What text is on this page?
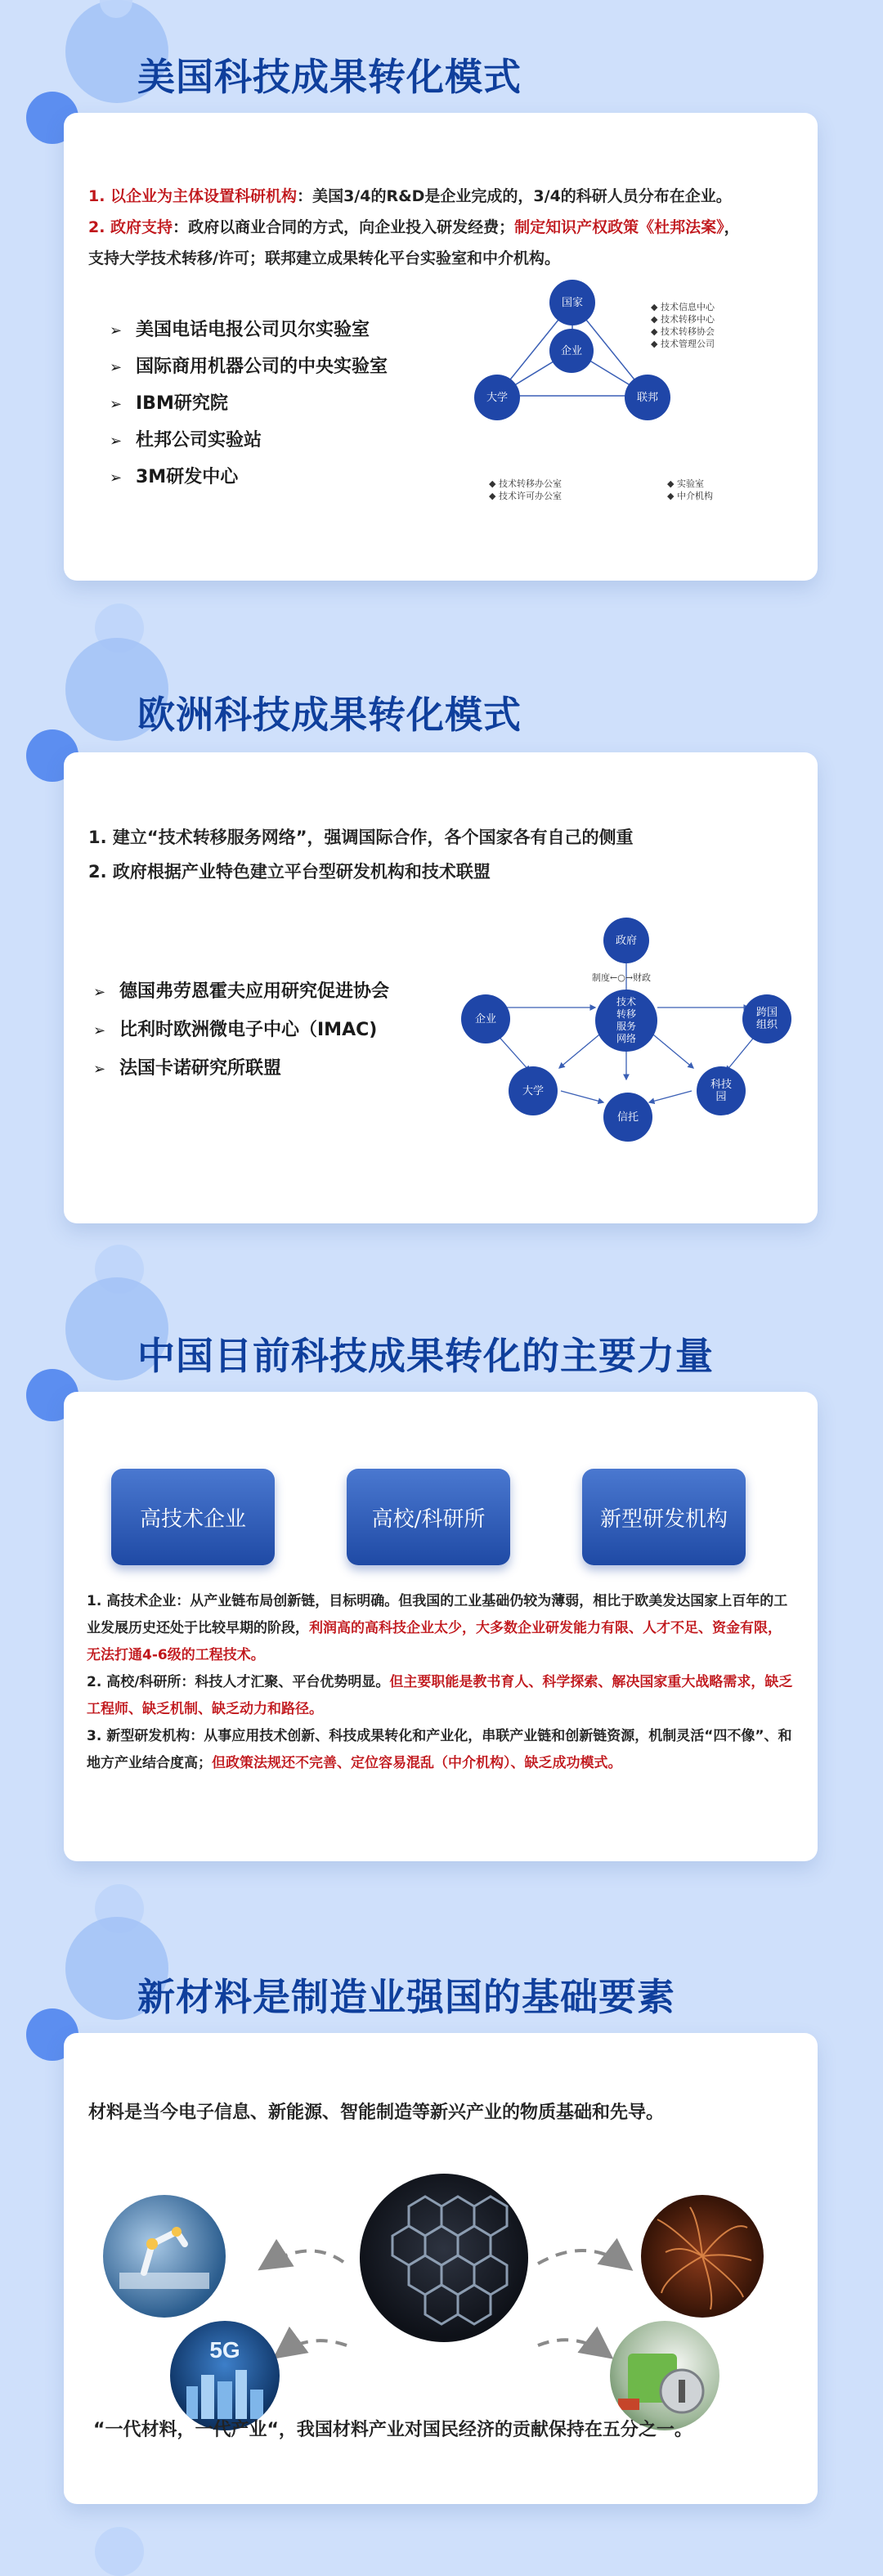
美国科技成果转化模式
1. 以企业为主体设置科研机构：美国3/4的R&D是企业完成的，3/4的科研人员分布在企业。
2. 政府支持：政府以商业合同的方式，向企业投入研发经费；制定知识产权政策《杜邦法案》，
支持大学技术转移/许可；联邦建立成果转化平台实验室和中介机构。
➢ 美国电话电报公司贝尔实验室
➢ 国际商用机器公司的中央实验室
➢ IBM研究院
➢ 杜邦公司实验站
➢ 3M研发中心
国家
企业
大学	联邦
◆ 技术信息中心
◆ 技术转移中心
◆ 技术转移协会
◆ 技术管理公司
◆ 技术转移办公室
◆ 技术许可办公室
◆ 实验室
◆ 中介机构
欧洲科技成果转化模式
1. 建立“技术转移服务网络”，强调国际合作，各个国家各有自己的侧重
2. 政府根据产业特色建立平台型研发机构和技术联盟
➢ 德国弗劳恩霍夫应用研究促进协会
➢ 比利时欧洲微电子中心（IMAC)
➢ 法国卡诺研究所联盟
政府
制度←○→财政
技术
转移
服务
网络
企业	跨国
组织
大学
信托
科技
园
中国目前科技成果转化的主要力量
高技术企业	高校/科研所	新型研发机构
1. 高技术企业：从产业链布局创新链，目标明确。但我国的工业基础仍较为薄弱，相比于欧美发达国家上百年的工业发展历史还处于比较早期的阶段，利润高的高科技企业太少，大多数企业研发能力有限、人才不足、资金有限，无法打通4-6级的工程技术。
2. 高校/科研所：科技人才汇聚、平台优势明显。但主要职能是教书育人、科学探索、解决国家重大战略需求，缺乏工程师、缺乏机制、缺乏动力和路径。
3. 新型研发机构：从事应用技术创新、科技成果转化和产业化，串联产业链和创新链资源，机制灵活“四不像”、和地方产业结合度高；但政策法规还不完善、定位容易混乱（中介机构）、缺乏成功模式。
新材料是制造业强国的基础要素
材料是当今电子信息、新能源、智能制造等新兴产业的物质基础和先导。
5G
“一代材料，一代产业“，我国材料产业对国民经济的贡献保持在五分之一。
